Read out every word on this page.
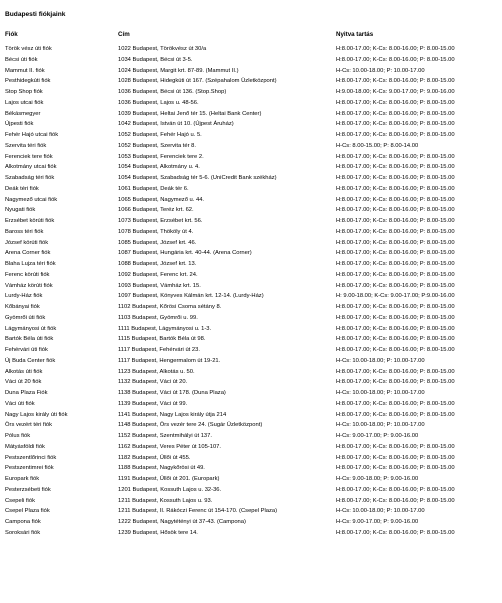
Budapesti fiókjaink
Fiók	Cím	Nyitva tartás
Török vész úti fiók	1022 Budapest, Törökvész út 30/a	H:8.00-17.00; K-Cs: 8.00-16.00; P: 8.00-15.00
Bécsi úti fiók	1034 Budapest, Bécsi út 3-5.	H:8.00-17.00; K-Cs: 8.00-16.00; P: 8.00-15.00
Mammut II. fiók	1024 Budapest, Margit krt. 87-89. (Mammut II.)	H-Cs: 10.00-18.00; P: 10.00-17.00
Pesthidegkúti fiók	1028 Budapest, Hidegkúti út 167. (Szépahalom Üzletközpont)	H:8.00-17.00; K-Cs: 8.00-16.00; P: 8.00-15.00
Stop Shop fiók	1036 Budapest, Bécsi út 136. (Stop.Shop)	H:9.00-18.00; K-Cs: 9.00-17.00; P: 9.00-16.00
Lajos utcai fiók	1036 Budapest, Lajos u. 48-56.	H:8.00-17.00; K-Cs: 8.00-16.00; P: 8.00-15.00
Békásmegyer	1039 Budapest, Heltai Jenő tér 15. (Heltai Bank Center)	H:8.00-17.00; K-Cs: 8.00-16.00; P: 8.00-15.00
Újpesti fiók	1042 Budapest, István út 10. (Újpest Áruház)	H:8.00-17.00; K-Cs: 8.00-16.00; P: 8.00-15.00
Fehér Hajó utcai fiók	1052 Budapest, Fehér Hajó u. 5.	H:8.00-17.00; K-Cs: 8.00-16.00; P: 8.00-15.00
Szervita téri fiók	1052 Budapest, Szervita tér 8.	H-Cs: 8.00-15.00; P: 8.00-14.00
Ferenciek tere fiók	1053 Budapest, Ferenciek tere 2.	H:8.00-17.00; K-Cs: 8.00-16.00; P: 8.00-15.00
Alkotmány utcai fiók	1054 Budapest, Alkotmány u. 4.	H:8.00-17.00; K-Cs: 8.00-16.00; P: 8.00-15.00
Szabadság téri fiók	1054 Budapest, Szabadság tér 5-6. (UniCredit Bank székház)	H:8.00-17.00; K-Cs: 8.00-16.00; P: 8.00-15.00
Deák téri fiók	1061 Budapest, Deák tér 6.	H:8.00-17.00; K-Cs: 8.00-16.00; P: 8.00-15.00
Nagymező utcai fiók	1065 Budapest, Nagymező u. 44.	H:8.00-17.00; K-Cs: 8.00-16.00; P: 8.00-15.00
Nyugati fiók	1066 Budapest, Teréz krt. 62.	H:8.00-17.00; K-Cs: 8.00-16.00; P: 8.00-15.00
Erzsébet körúti fiók	1073 Budapest, Erzsébet krt. 56.	H:8.00-17.00; K-Cs: 8.00-16.00; P: 8.00-15.00
Baross téri fiók	1078 Budapest, Thököly út 4.	H:8.00-17.00; K-Cs: 8.00-16.00; P: 8.00-15.00
József körúti fiók	1085 Budapest, József krt. 46.	H:8.00-17.00; K-Cs: 8.00-16.00; P: 8.00-15.00
Arena Corner fiók	1087 Budapest, Hungária krt. 40-44. (Arena Corner)	H:8.00-17.00; K-Cs: 8.00-16.00; P: 8.00-15.00
Blaha Lujza téri fiók	1088 Budapest, József krt. 13.	H:8.00-17.00; K-Cs: 8.00-16.00; P: 8.00-15.00
Ferenc körúti fiók	1092 Budapest, Ferenc krt. 24.	H:8.00-17.00; K-Cs: 8.00-16.00; P: 8.00-15.00
Vámház körúti fiók	1093 Budapest, Vámház krt. 15.	H:8.00-17.00; K-Cs: 8.00-16.00; P: 8.00-15.00
Lurdy-Ház fiók	1097 Budapest, Könyves Kálmán krt. 12-14. (Lurdy-Ház)	H: 9.00-18.00; K-Cs: 9.00-17.00; P:9.00-16.00
Kőbányai fiók	1102 Budapest, Kőrösi Csoma sétány 8.	H:8.00-17.00; K-Cs: 8.00-16.00; P: 8.00-15.00
Gyömrői úti fiók	1103 Budapest, Gyömrői u. 99.	H:8.00-17.00; K-Cs: 8.00-16.00; P: 8.00-15.00
Lágymányosi út fiók	1111 Budapest, Lágymányosi u. 1-3.	H:8.00-17.00; K-Cs: 8.00-16.00; P: 8.00-15.00
Bartók Béla úti fiók	1115 Budapest, Bartók Béla út 98.	H:8.00-17.00; K-Cs: 8.00-16.00; P: 8.00-15.00
Fehérvári úti fiók	1117 Budapest, Fehérvári út 23.	H:8.00-17.00; K-Cs: 8.00-16.00; P: 8.00-15.00
Új Buda Center fiók	1117 Budapest, Hengermalom út 19-21.	H-Cs: 10.00-18.00; P: 10.00-17.00
Alkotás úti fiók	1123 Budapest, Alkotás u. 50.	H:8.00-17.00; K-Cs: 8.00-16.00; P: 8.00-15.00
Váci út 20 fiók	1132 Budapest, Váci út 20.	H:8.00-17.00; K-Cs: 8.00-16.00; P: 8.00-15.00
Duna Plaza Fiók	1138 Budapest, Váci út 178. (Duna Plaza)	H-Cs: 10.00-18.00; P: 10.00-17.00
Váci úti fiók	1139 Budapest, Váci út 99.	H:8.00-17.00; K-Cs: 8.00-16.00; P: 8.00-15.00
Nagy Lajos király úti fiók	1141 Budapest, Nagy Lajos király útja 214	H:8.00-17.00; K-Cs: 8.00-16.00; P: 8.00-15.00
Örs vezért téri fiók	1148 Budapest, Örs vezér tere 24. (Sugár Üzletközpont)	H-Cs: 10.00-18.00; P: 10.00-17.00
Pólus fiók	1152 Budapest, Szentmihályi út 137.	H-Cs: 9.00-17.00; P: 9.00-16.00
Mátyásföldi fiók	1162 Budapest, Veres Péter út 105-107.	H:8.00-17.00; K-Cs: 8.00-16.00; P: 8.00-15.00
Pestszentlőrinci fiók	1182 Budapest, Üllői út 455.	H:8.00-17.00; K-Cs: 8.00-16.00; P: 8.00-15.00
Pestszentimrei fiók	1188 Budapest, Nagykőrösi út 49.	H:8.00-17.00; K-Cs: 8.00-16.00; P: 8.00-15.00
Europark fiók	1191 Budapest, Üllői út 201. (Europark)	H-Cs: 9.00-18.00; P: 9.00-16.00
Pesterzsébeti fiók	1201 Budapest, Kossuth Lajos u. 32-36.	H:8.00-17.00; K-Cs: 8.00-16.00; P: 8.00-15.00
Csepeli fiók	1211 Budapest, Kossuth Lajos u. 93.	H:8.00-17.00; K-Cs: 8.00-16.00; P: 8.00-15.00
Csepel Plaza fiók	1211 Budapest, II. Rákóczi Ferenc út 154-170. (Csepel Plaza)	H-Cs: 10.00-18.00; P: 10.00-17.00
Campona fiók	1222 Budapest, Nagytétényi út 37-43. (Campona)	H-Cs: 9.00-17.00; P: 9.00-16.00
Soroksári fiók	1239 Budapest, Hősök tere 14.	H:8.00-17.00; K-Cs: 8.00-16.00; P: 8.00-15.00
